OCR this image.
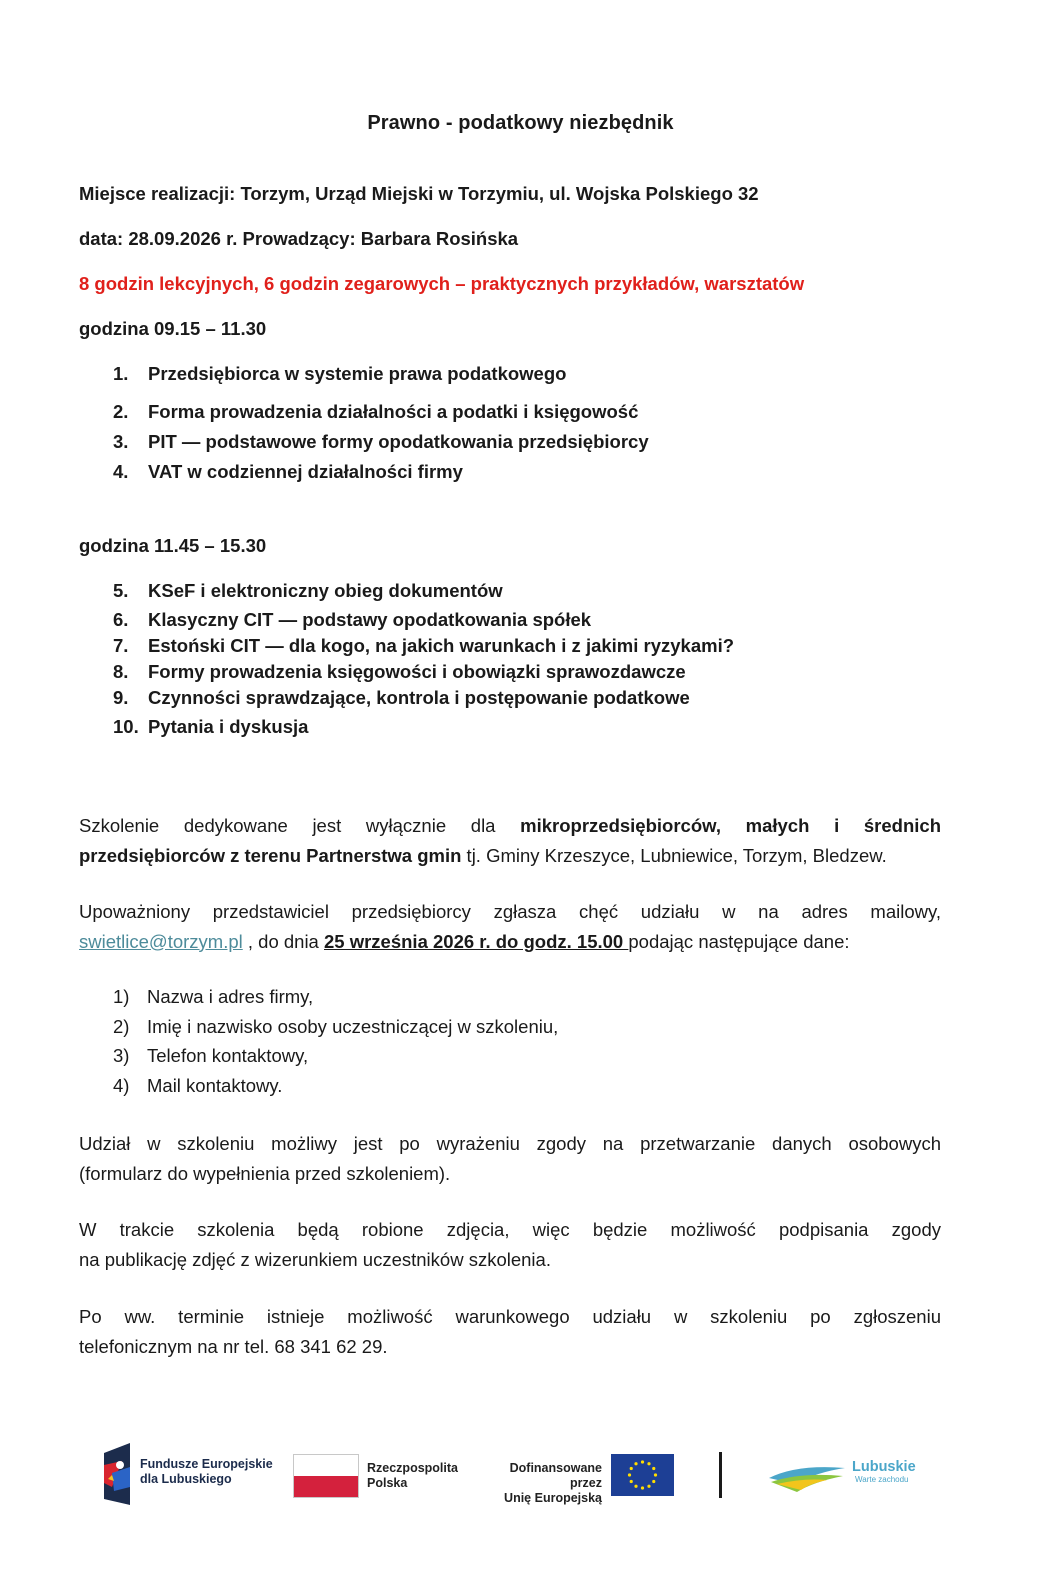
Prawno - podatkowy niezbędnik
Miejsce realizacji: Torzym, Urząd Miejski w Torzymiu, ul. Wojska Polskiego 32
data: 28.09.2026 r. Prowadzący: Barbara Rosińska
8 godzin lekcyjnych, 6 godzin zegarowych – praktycznych przykładów, warsztatów
godzina 09.15 – 11.30
1. Przedsiębiorca w systemie prawa podatkowego
2. Forma prowadzenia działalności a podatki i księgowość
3. PIT — podstawowe formy opodatkowania przedsiębiorcy
4. VAT w codziennej działalności firmy
godzina 11.45 – 15.30
5. KSeF i elektroniczny obieg dokumentów
6. Klasyczny CIT — podstawy opodatkowania spółek
7. Estoński CIT — dla kogo, na jakich warunkach i z jakimi ryzykami?
8. Formy prowadzenia księgowości i obowiązki sprawozdawcze
9. Czynności sprawdzające, kontrola i postępowanie podatkowe
10. Pytania i dyskusja
Szkolenie dedykowane jest wyłącznie dla mikroprzedsiębiorców, małych i średnich
przedsiębiorców z terenu Partnerstwa gmin tj. Gminy Krzeszyce, Lubniewice, Torzym, Bledzew.
Upoważniony przedstawiciel przedsiębiorcy zgłasza chęć udziału w na adres mailowy,
swietlice@torzym.pl , do dnia 25 września 2026 r. do godz. 15.00 podając następujące dane:
1) Nazwa i adres firmy,
2) Imię i nazwisko osoby uczestniczącej w szkoleniu,
3) Telefon kontaktowy,
4) Mail kontaktowy.
Udział w szkoleniu możliwy jest po wyrażeniu zgody na przetwarzanie danych osobowych
(formularz do wypełnienia przed szkoleniem).
W trakcie szkolenia będą robione zdjęcia, więc będzie możliwość podpisania zgody
na publikację zdjęć z wizerunkiem uczestników szkolenia.
Po ww. terminie istnieje możliwość warunkowego udziału w szkoleniu po zgłoszeniu
telefonicznym na nr tel. 68 341 62 29.
Fundusze Europejskie
dla Lubuskiego
Rzeczpospolita
Polska
Dofinansowane przez
Unię Europejską
Lubuskie
Warte zachodu
